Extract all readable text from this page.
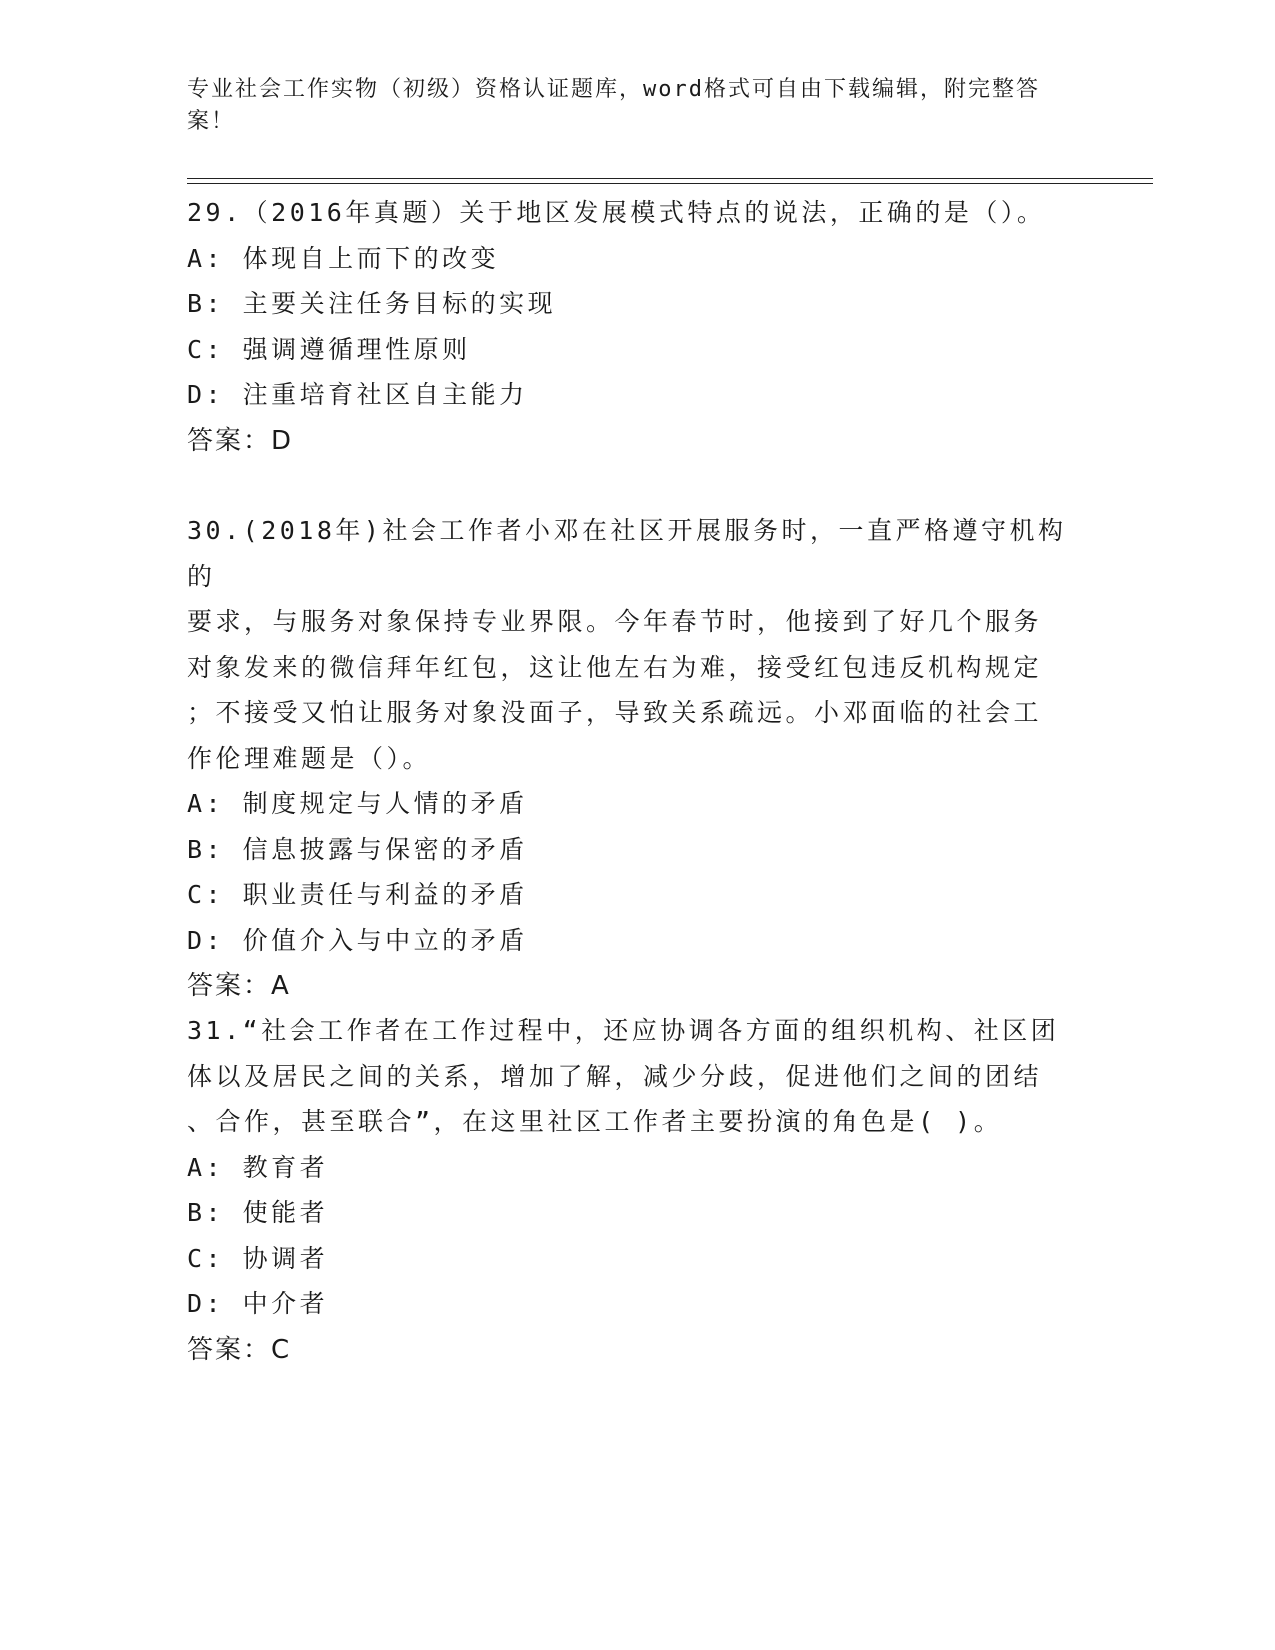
专业社会工作实物（初级）资格认证题库，word格式可自由下载编辑，附完整答案！

29.（2016年真题）关于地区发展模式特点的说法，正确的是（）。

A: 体现自上而下的改变

B: 主要关注任务目标的实现

C: 强调遵循理性原则

D: 注重培育社区自主能力

答案：D

30.(2018年)社会工作者小邓在社区开展服务时，一直严格遵守机构的

要求，与服务对象保持专业界限。今年春节时，他接到了好几个服务

对象发来的微信拜年红包，这让他左右为难，接受红包违反机构规定

；不接受又怕让服务对象没面子，导致关系疏远。小邓面临的社会工

作伦理难题是（）。

A: 制度规定与人情的矛盾

B: 信息披露与保密的矛盾

C: 职业责任与利益的矛盾

D: 价值介入与中立的矛盾

答案：A

31.“社会工作者在工作过程中，还应协调各方面的组织机构、社区团

体以及居民之间的关系，增加了解，减少分歧，促进他们之间的团结

、合作，甚至联合”，在这里社区工作者主要扮演的角色是( )。

A: 教育者

B: 使能者

C: 协调者

D: 中介者

答案：C
